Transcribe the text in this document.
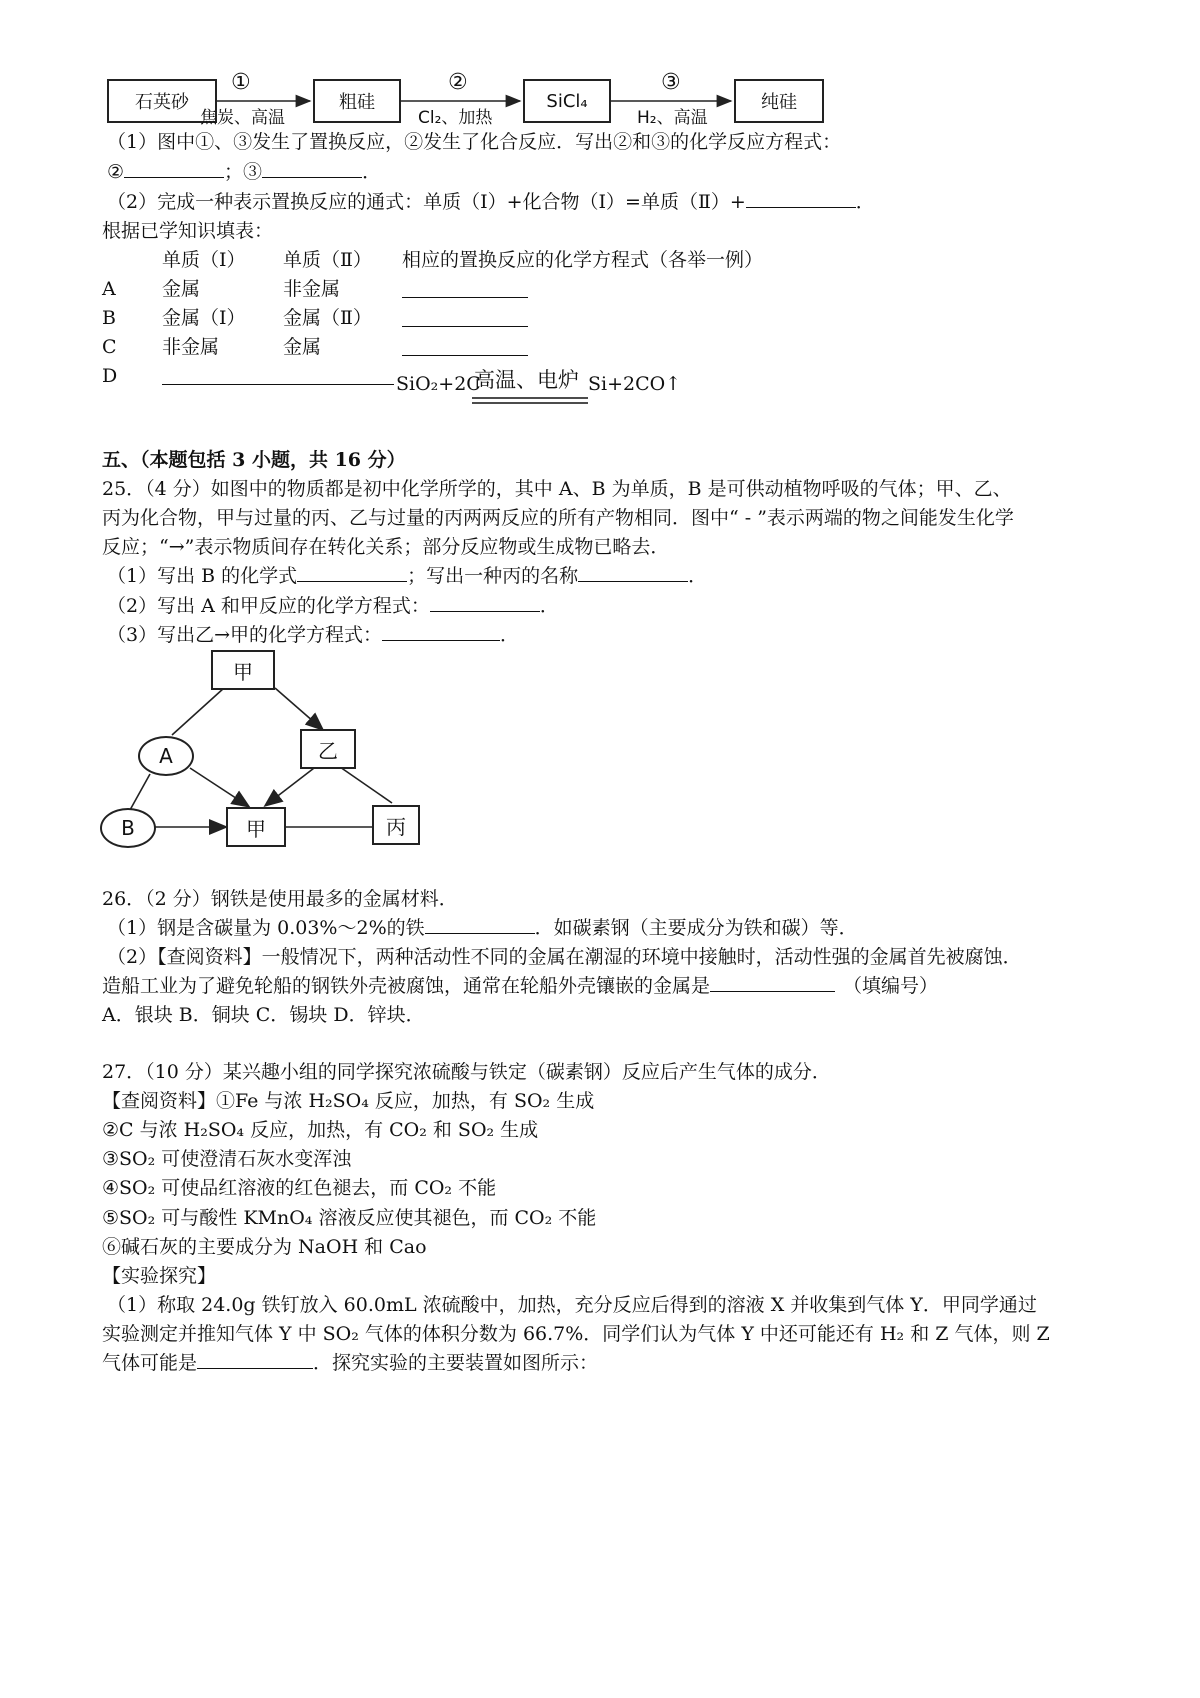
石英砂	粗硅	SiCl₄	纯硅
①
焦炭、高温
②
Cl₂、加热
③
H₂、高温
（1）图中①、③发生了置换反应，②发生了化合反应．写出②和③的化学反应方程式：
②	；③	．
（2）完成一种表示置换反应的通式：单质（I）+化合物（I）=单质（Ⅱ）+	．
根据已学知识填表：
单质（I） 单质（Ⅱ） 相应的置换反应的化学方程式（各举一例）
A 金属	非金属
B 金属（I） 金属（Ⅱ）
C 非金属	金属
D	SiO₂+2C
高温、电炉 Si+2CO↑
五、（本题包括 3 小题，共 16 分）
25．（4 分）如图中的物质都是初中化学所学的，其中 A、B 为单质，B 是可供动植物呼吸的气体；甲、乙、
丙为化合物，甲与过量的丙、乙与过量的丙两两反应的所有产物相同．图中“ - ”表示两端的物之间能发生化学
反应；“→”表示物质间存在转化关系；部分反应物或生成物已略去．
（1）写出 B 的化学式	；写出一种丙的名称	．
（2）写出 A 和甲反应的化学方程式：	．
（3）写出乙→甲的化学方程式：	．
甲
A	乙
B	甲	丙
26．（2 分）钢铁是使用最多的金属材料．
（1）钢是含碳量为 0.03%～2%的铁	．如碳素钢（主要成分为铁和碳）等．
（2）【查阅资料】一般情况下，两种活动性不同的金属在潮湿的环境中接触时，活动性强的金属首先被腐蚀．
造船工业为了避免轮船的钢铁外壳被腐蚀，通常在轮船外壳镶嵌的金属是	（填编号）
A．银块 B．铜块 C．锡块 D．锌块．
27．（10 分）某兴趣小组的同学探究浓硫酸与铁定（碳素钢）反应后产生气体的成分．
【查阅资料】①Fe 与浓 H₂SO₄ 反应，加热，有 SO₂ 生成
②C 与浓 H₂SO₄ 反应，加热，有 CO₂ 和 SO₂ 生成
③SO₂ 可使澄清石灰水变浑浊
④SO₂ 可使品红溶液的红色褪去，而 CO₂ 不能
⑤SO₂ 可与酸性 KMnO₄ 溶液反应使其褪色，而 CO₂ 不能
⑥碱石灰的主要成分为 NaOH 和 Cao
【实验探究】
（1）称取 24.0g 铁钉放入 60.0mL 浓硫酸中，加热，充分反应后得到的溶液 X 并收集到气体 Y．甲同学通过
实验测定并推知气体 Y 中 SO₂ 气体的体积分数为 66.7%．同学们认为气体 Y 中还可能还有 H₂ 和 Z 气体，则 Z
气体可能是	．探究实验的主要装置如图所示：
